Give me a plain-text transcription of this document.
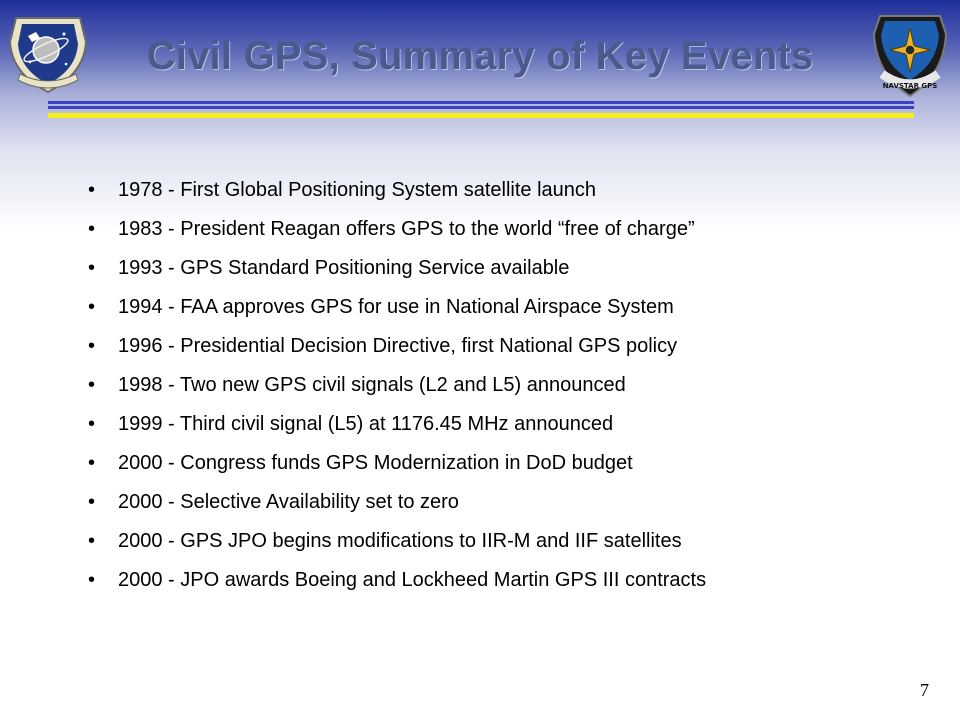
Civil GPS, Summary of Key Events
NAVSTAR GPS
• 1978 - First Global Positioning System satellite launch
• 1983 - President Reagan offers GPS to the world “free of charge”
• 1993 - GPS Standard Positioning Service available
• 1994 - FAA approves GPS for use in National Airspace System
• 1996 - Presidential Decision Directive, first National GPS policy
• 1998 - Two new GPS civil signals (L2 and L5) announced
• 1999 - Third civil signal (L5) at 1176.45 MHz announced
• 2000 - Congress funds GPS Modernization in DoD budget
• 2000 - Selective Availability set to zero
• 2000 - GPS JPO begins modifications to IIR-M and IIF satellites
• 2000 - JPO awards Boeing and Lockheed Martin GPS III contracts
7
